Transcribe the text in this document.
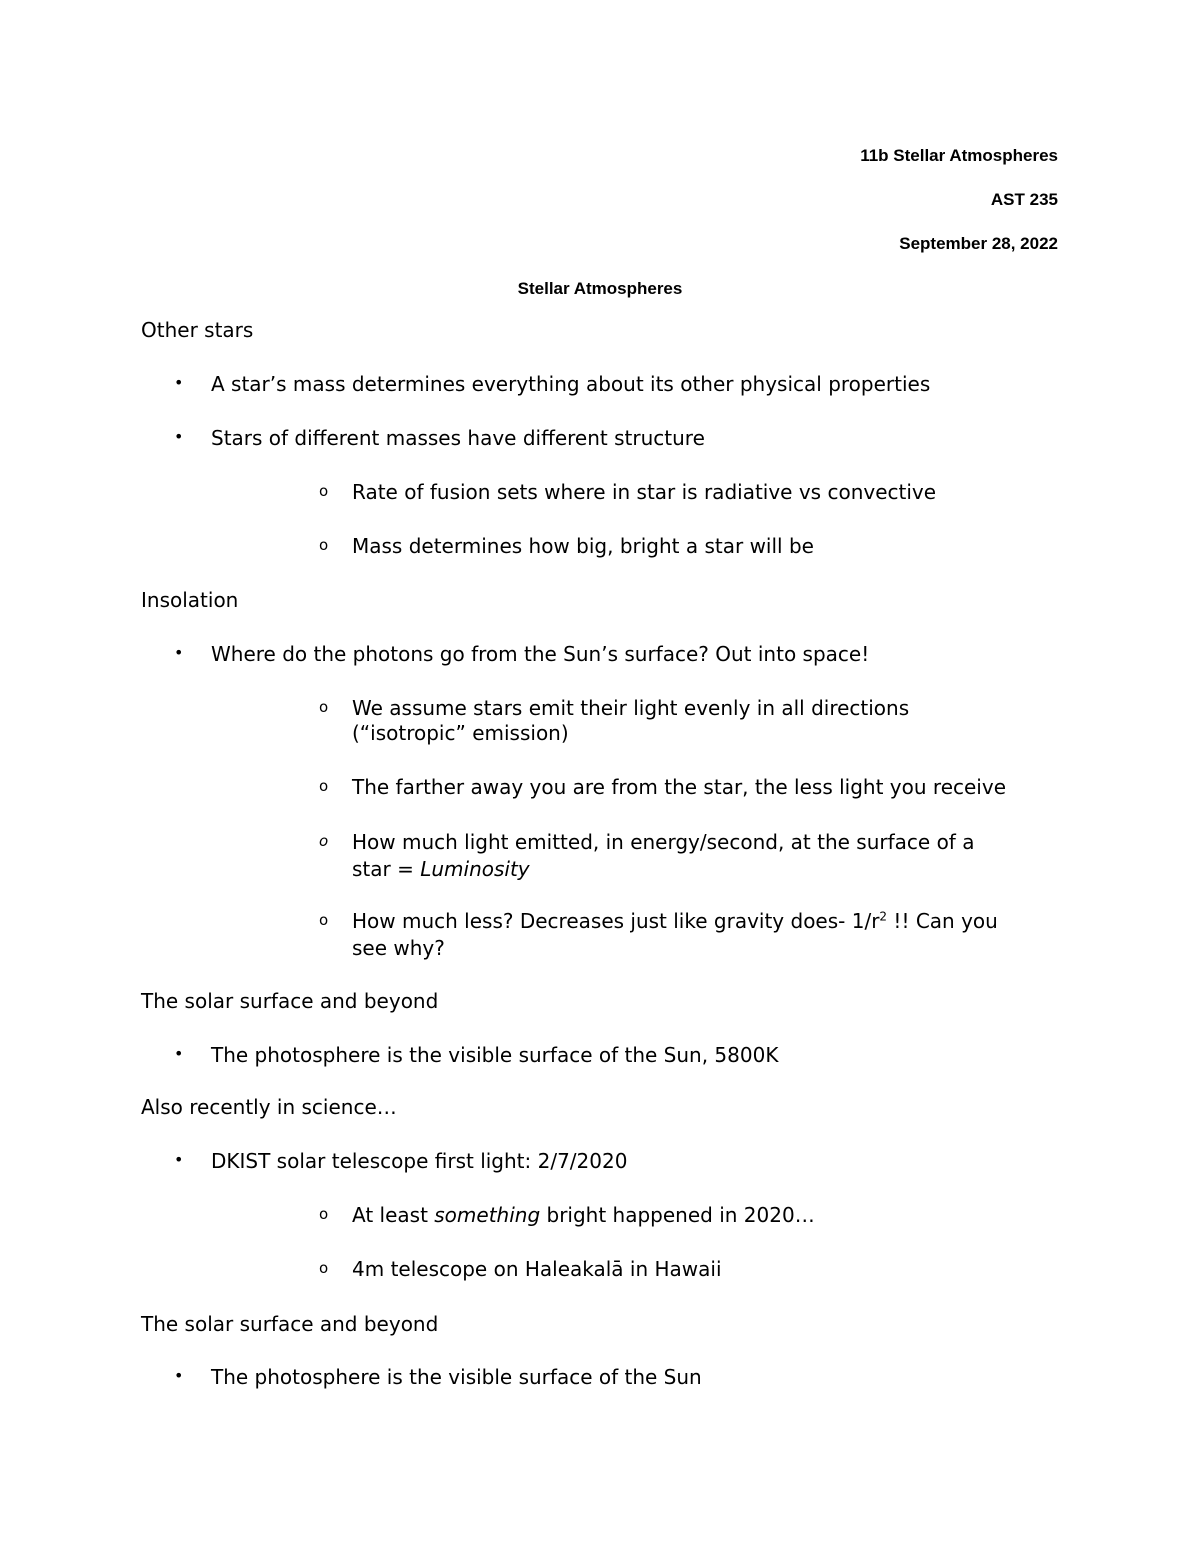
11b Stellar Atmospheres
AST 235
September 28, 2022
Stellar Atmospheres
Other stars
• A star’s mass determines everything about its other physical properties
• Stars of different masses have different structure
o Rate of fusion sets where in star is radiative vs convective
o Mass determines how big, bright a star will be
Insolation
• Where do the photons go from the Sun’s surface? Out into space!
o We assume stars emit their light evenly in all directions
(“isotropic” emission)
o The farther away you are from the star, the less light you receive
o How much light emitted, in energy/second, at the surface of a
star = Luminosity
o How much less? Decreases just like gravity does- $1/r^2$ !! Can you
see why?
The solar surface and beyond
• The photosphere is the visible surface of the Sun, 5800K
Also recently in science…
• DKIST solar telescope first light: 2/7/2020
o At least something bright happened in 2020…
o 4m telescope on Haleakalā in Hawaii
The solar surface and beyond
• The photosphere is the visible surface of the Sun
